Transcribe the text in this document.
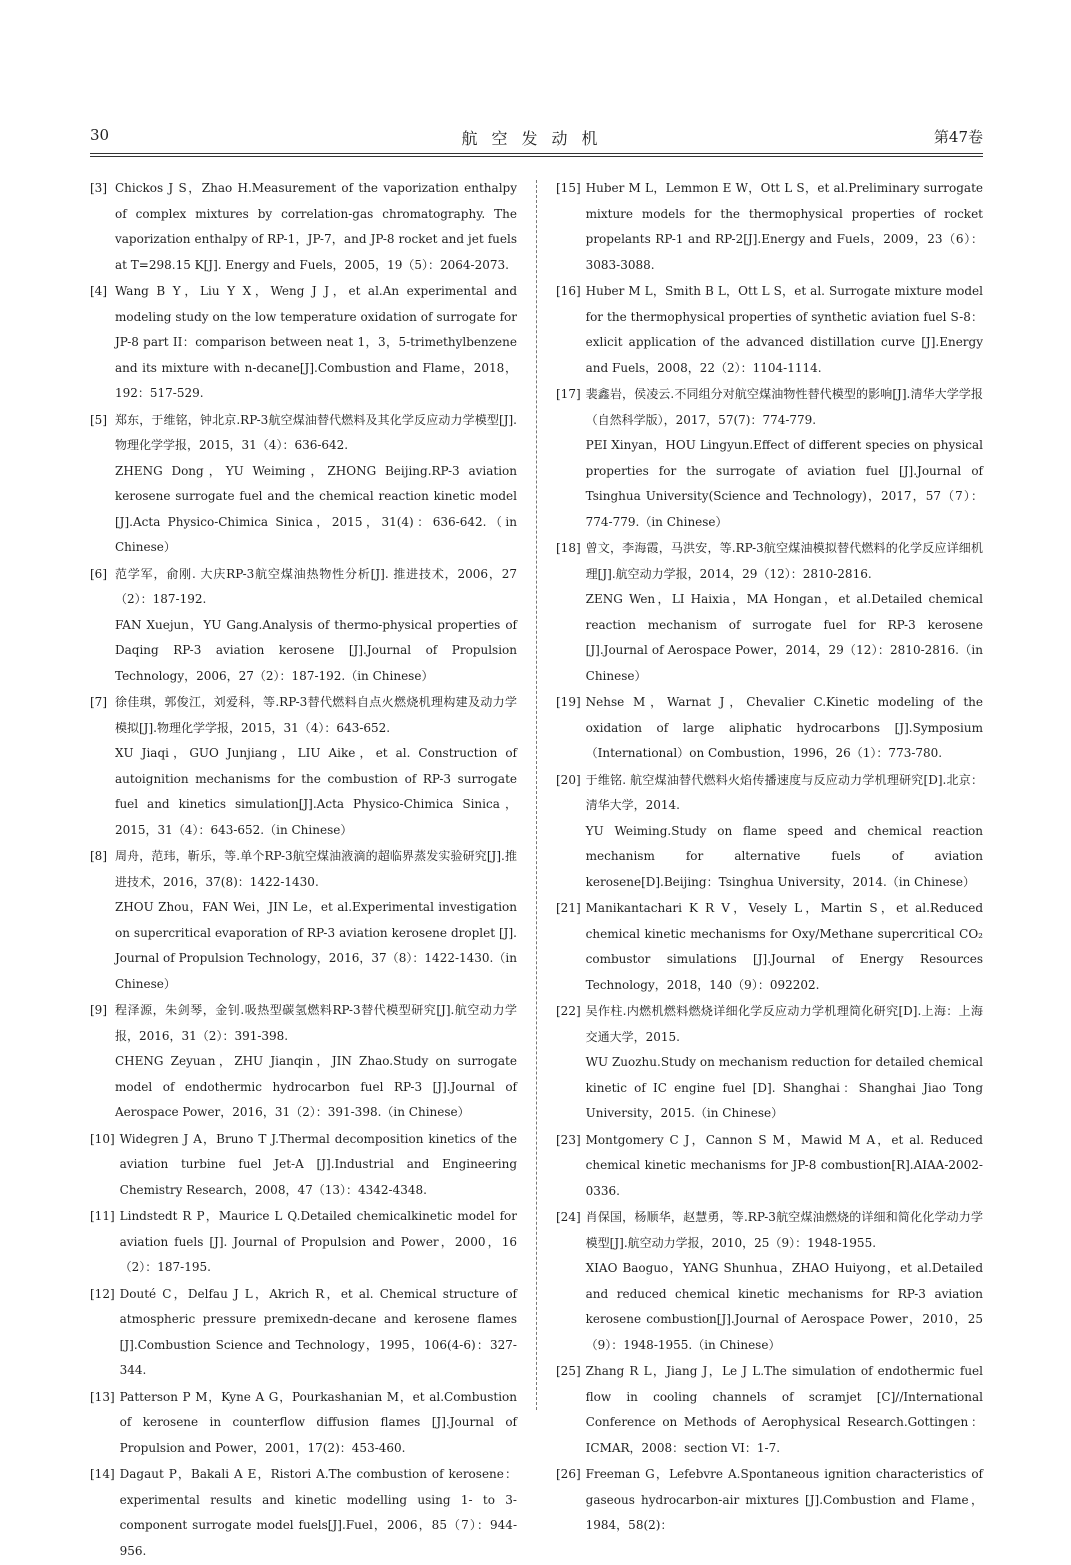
30	航空发动机	第47卷
[3] Chickos J S，Zhao H.Measurement of the vaporization enthalpy of complex mixtures by correlation-gas chromatography. The vaporization enthalpy of RP-1，JP-7，and JP-8 rocket and jet fuels at T=298.15 K[J]. Energy and Fuels，2005，19（5）：2064-2073.
[4] Wang B Y，Liu Y X，Weng J J，et al.An experimental and modeling study on the low temperature oxidation of surrogate for JP-8 part II：comparison between neat 1，3，5-trimethylbenzene and its mixture with n-decane[J].Combustion and Flame，2018，192：517-529.
[5] 郑东，于维铭，钟北京.RP-3航空煤油替代燃料及其化学反应动力学模型[J].物理化学学报，2015，31（4）：636-642.
ZHENG Dong，YU Weiming，ZHONG Beijing.RP-3 aviation kerosene surrogate fuel and the chemical reaction kinetic model [J].Acta Physico-Chimica Sinica，2015，31(4)：636-642.（in Chinese）
[6] 范学军，俞刚. 大庆RP-3航空煤油热物性分析[J]. 推进技术，2006，27（2）：187-192.
FAN Xuejun，YU Gang.Analysis of thermo-physical properties of Daqing RP-3 aviation kerosene [J].Journal of Propulsion Technology，2006，27（2）：187-192.（in Chinese）
[7] 徐佳琪，郭俊江，刘爱科，等.RP-3替代燃料自点火燃烧机理构建及动力学模拟[J].物理化学学报，2015，31（4）：643-652.
XU Jiaqi，GUO Junjiang，LIU Aike，et al. Construction of autoignition mechanisms for the combustion of RP-3 surrogate fuel and kinetics simulation[J].Acta Physico-Chimica Sinica，2015，31（4）：643-652.（in Chinese）
[8] 周舟，范玮，靳乐，等.单个RP-3航空煤油液滴的超临界蒸发实验研究[J].推进技术，2016，37(8)：1422-1430.
ZHOU Zhou，FAN Wei，JIN Le，et al.Experimental investigation on supercritical evaporation of RP-3 aviation kerosene droplet [J]. Journal of Propulsion Technology，2016，37（8）：1422-1430.（in Chinese）
[9] 程泽源，朱剑琴，金钊.吸热型碳氢燃料RP-3替代模型研究[J].航空动力学报，2016，31（2）：391-398.
CHENG Zeyuan，ZHU Jianqin，JIN Zhao.Study on surrogate model of endothermic hydrocarbon fuel RP-3 [J].Journal of Aerospace Power，2016，31（2）：391-398.（in Chinese）
[10] Widegren J A，Bruno T J.Thermal decomposition kinetics of the aviation turbine fuel Jet-A [J].Industrial and Engineering Chemistry Research，2008，47（13）：4342-4348.
[11] Lindstedt R P，Maurice L Q.Detailed chemicalkinetic model for aviation fuels [J]. Journal of Propulsion and Power，2000，16（2）：187-195.
[12] Douté C，Delfau J L，Akrich R，et al. Chemical structure of atmospheric pressure premixedn-decane and kerosene flames [J].Combustion Science and Technology，1995，106(4-6)：327-344.
[13] Patterson P M，Kyne A G，Pourkashanian M，et al.Combustion of kerosene in counterflow diffusion flames [J].Journal of Propulsion and Power，2001，17(2)：453-460.
[14] Dagaut P，Bakali A E，Ristori A.The combustion of kerosene：experimental results and kinetic modelling using 1- to 3- component surrogate model fuels[J].Fuel，2006，85（7）：944-956.
[15] Huber M L，Lemmon E W，Ott L S，et al.Preliminary surrogate mixture models for the thermophysical properties of rocket propelants RP-1 and RP-2[J].Energy and Fuels，2009，23（6）：3083-3088.
[16] Huber M L，Smith B L，Ott L S，et al. Surrogate mixture model for the thermophysical properties of synthetic aviation fuel S-8：exlicit application of the advanced distillation curve [J].Energy and Fuels，2008，22（2）：1104-1114.
[17] 裴鑫岩，侯凌云.不同组分对航空煤油物性替代模型的影响[J].清华大学学报（自然科学版），2017，57(7)：774-779.
PEI Xinyan，HOU Lingyun.Effect of different species on physical properties for the surrogate of aviation fuel [J].Journal of Tsinghua University(Science and Technology)，2017，57（7）：774-779.（in Chinese）
[18] 曾文，李海霞，马洪安，等.RP-3航空煤油模拟替代燃料的化学反应详细机理[J].航空动力学报，2014，29（12）：2810-2816.
ZENG Wen，LI Haixia，MA Hongan，et al.Detailed chemical reaction mechanism of surrogate fuel for RP-3 kerosene [J].Journal of Aerospace Power，2014，29（12）：2810-2816.（in Chinese）
[19] Nehse M，Warnat J，Chevalier C.Kinetic modeling of the oxidation of large aliphatic hydrocarbons [J].Symposium （International）on Combustion，1996，26（1）：773-780.
[20] 于维铭. 航空煤油替代燃料火焰传播速度与反应动力学机理研究[D].北京：清华大学，2014.
YU Weiming.Study on flame speed and chemical reaction mechanism for alternative fuels of aviation kerosene[D].Beijing：Tsinghua University，2014.（in Chinese）
[21] Manikantachari K R V，Vesely L，Martin S，et al.Reduced chemical kinetic mechanisms for Oxy/Methane supercritical CO₂ combustor simulations [J].Journal of Energy Resources Technology，2018，140（9）：092202.
[22] 吴作柱.内燃机燃料燃烧详细化学反应动力学机理简化研究[D].上海：上海交通大学，2015.
WU Zuozhu.Study on mechanism reduction for detailed chemical kinetic of IC engine fuel [D]. Shanghai：Shanghai Jiao Tong University，2015.（in Chinese）
[23] Montgomery C J，Cannon S M，Mawid M A，et al. Reduced chemical kinetic mechanisms for JP-8 combustion[R].AIAA-2002-0336.
[24] 肖保国，杨顺华，赵慧勇，等.RP-3航空煤油燃烧的详细和简化化学动力学模型[J].航空动力学报，2010，25（9）：1948-1955.
XIAO Baoguo，YANG Shunhua，ZHAO Huiyong，et al.Detailed and reduced chemical kinetic mechanisms for RP-3 aviation kerosene combustion[J].Journal of Aerospace Power，2010，25（9）：1948-1955.（in Chinese）
[25] Zhang R L，Jiang J，Le J L.The simulation of endothermic fuel flow in cooling channels of scramjet [C]//International Conference on Methods of Aerophysical Research.Gottingen：ICMAR，2008：section VI：1-7.
[26] Freeman G，Lefebvre A.Spontaneous ignition characteristics of gaseous hydrocarbon-air mixtures [J].Combustion and Flame，1984，58(2)：
